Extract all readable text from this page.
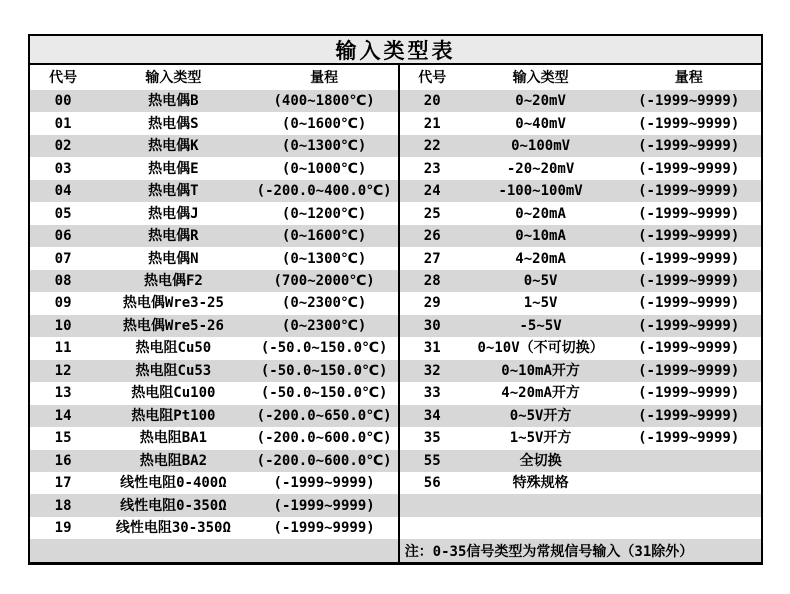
输入类型表
代号	输入类型	量程
00	热电偶B	(400~1800℃)
01	热电偶S	(0~1600℃)
02	热电偶K	(0~1300℃)
03	热电偶E	(0~1000℃)
04	热电偶T	(-200.0~400.0℃)
05	热电偶J	(0~1200℃)
06	热电偶R	(0~1600℃)
07	热电偶N	(0~1300℃)
08	热电偶F2	(700~2000℃)
09	热电偶Wre3-25	(0~2300℃)
10	热电偶Wre5-26	(0~2300℃)
11	热电阻Cu50	(-50.0~150.0℃)
12	热电阻Cu53	(-50.0~150.0℃)
13	热电阻Cu100	(-50.0~150.0℃)
14	热电阻Pt100	(-200.0~650.0℃)
15	热电阻BA1	(-200.0~600.0℃)
16	热电阻BA2	(-200.0~600.0℃)
17	线性电阻0-400Ω	(-1999~9999)
18	线性电阻0-350Ω	(-1999~9999)
19	线性电阻30-350Ω	(-1999~9999)
代号	输入类型	量程
20	0~20mV	(-1999~9999)
21	0~40mV	(-1999~9999)
22	0~100mV	(-1999~9999)
23	-20~20mV	(-1999~9999)
24	-100~100mV	(-1999~9999)
25	0~20mA	(-1999~9999)
26	0~10mA	(-1999~9999)
27	4~20mA	(-1999~9999)
28	0~5V	(-1999~9999)
29	1~5V	(-1999~9999)
30	-5~5V	(-1999~9999)
31	0~10V（不可切换）	(-1999~9999)
32	0~10mA开方	(-1999~9999)
33	4~20mA开方	(-1999~9999)
34	0~5V开方	(-1999~9999)
35	1~5V开方	(-1999~9999)
55	全切换
56	特殊规格
注：0-35信号类型为常规信号输入（31除外）
